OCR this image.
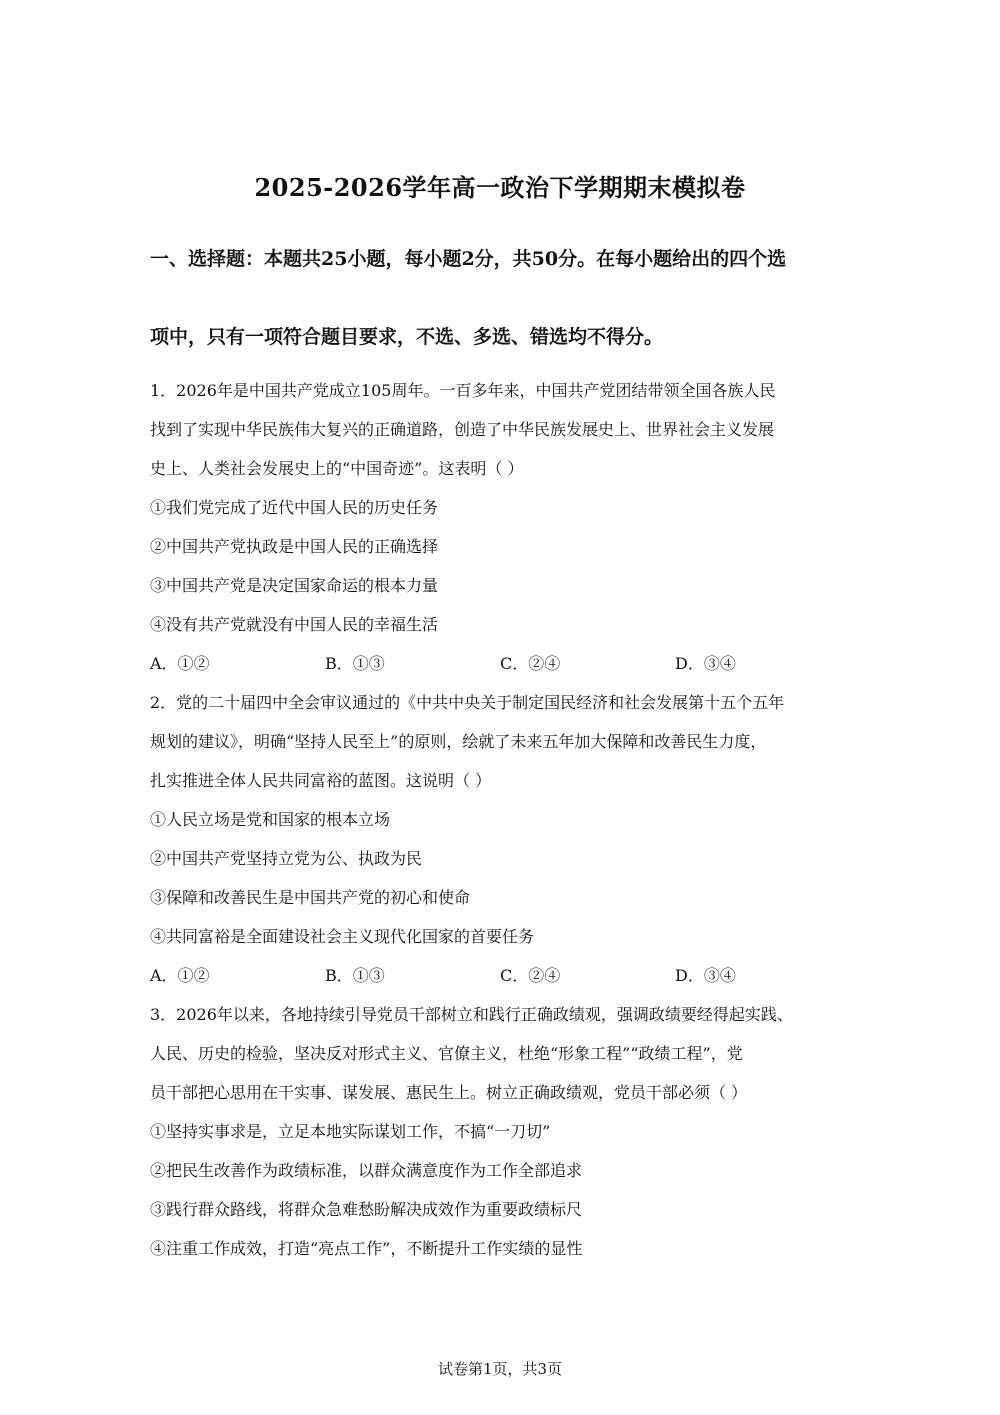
2025-2026学年高一政治下学期期末模拟卷
一、选择题：本题共25小题，每小题2分，共50分。在每小题给出的四个选
项中，只有一项符合题目要求，不选、多选、错选均不得分。
1．2026年是中国共产党成立105周年。一百多年来，中国共产党团结带领全国各族人民
找到了实现中华民族伟大复兴的正确道路，创造了中华民族发展史上、世界社会主义发展
史上、人类社会发展史上的“中国奇迹”。这表明（ ）
①我们党完成了近代中国人民的历史任务
②中国共产党执政是中国人民的正确选择
③中国共产党是决定国家命运的根本力量
④没有共产党就没有中国人民的幸福生活
A．①②	B．①③	C．②④	D．③④
2．党的二十届四中全会审议通过的《中共中央关于制定国民经济和社会发展第十五个五年
规划的建议》，明确“坚持人民至上”的原则，绘就了未来五年加大保障和改善民生力度，
扎实推进全体人民共同富裕的蓝图。这说明（ ）
①人民立场是党和国家的根本立场
②中国共产党坚持立党为公、执政为民
③保障和改善民生是中国共产党的初心和使命
④共同富裕是全面建设社会主义现代化国家的首要任务
A．①②	B．①③	C．②④	D．③④
3．2026年以来，各地持续引导党员干部树立和践行正确政绩观，强调政绩要经得起实践、
人民、历史的检验，坚决反对形式主义、官僚主义，杜绝“形象工程”“政绩工程”，党
员干部把心思用在干实事、谋发展、惠民生上。树立正确政绩观，党员干部必须（ ）
①坚持实事求是，立足本地实际谋划工作，不搞“一刀切”
②把民生改善作为政绩标准，以群众满意度作为工作全部追求
③践行群众路线，将群众急难愁盼解决成效作为重要政绩标尺
④注重工作成效，打造“亮点工作”，不断提升工作实绩的显性
试卷第1页，共3页
